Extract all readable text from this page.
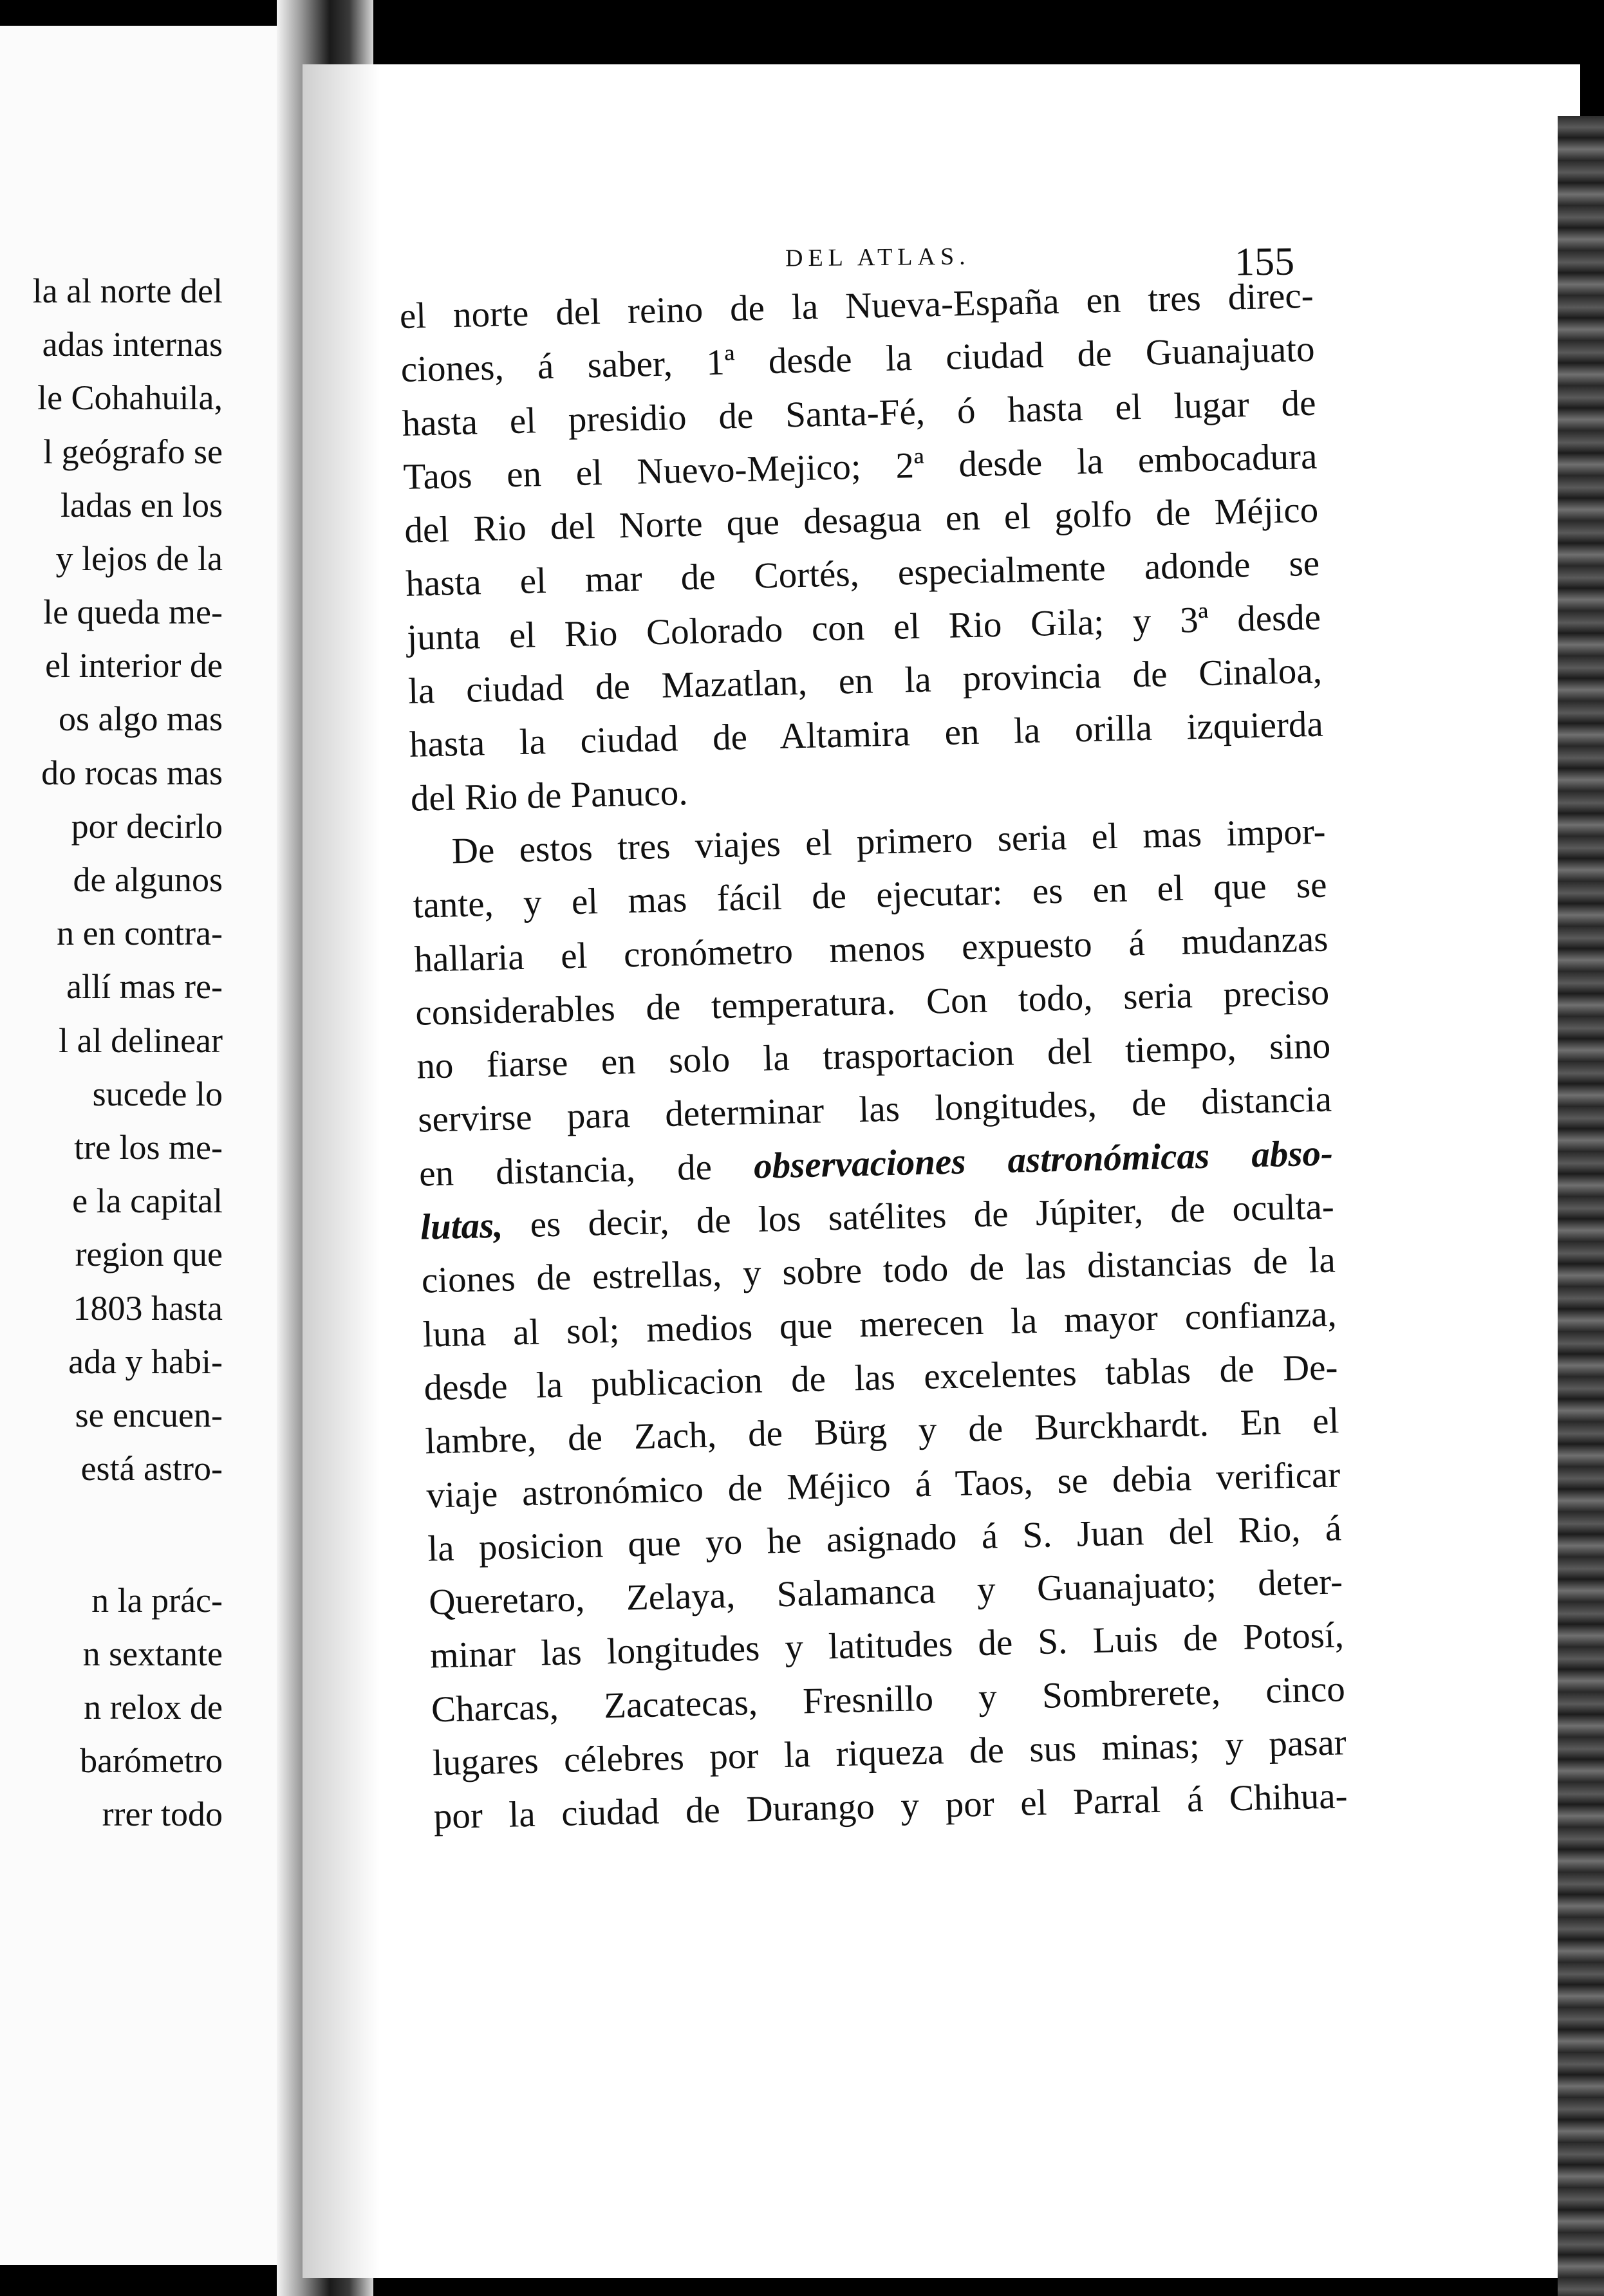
la al norte del
adas internas
le Cohahuila,
l geógrafo se
ladas en los
y lejos de la
le queda me-
el interior de
os algo mas
do rocas mas
por decirlo
de algunos
n en contra-
allí mas re-
l al delinear
sucede lo
tre los me-
e la capital
region que
1803 hasta
ada y habi-
se encuen-
está astro-
n la prác-
n sextante
n relox de
barómetro
rrer todo
DEL ATLAS.	155
el norte del reino de la Nueva-España en tres direc-
ciones, á saber, 1ª desde la ciudad de Guanajuato
hasta el presidio de Santa-Fé, ó hasta el lugar de
Taos en el Nuevo-Mejico; 2ª desde la embocadura
del Rio del Norte que desagua en el golfo de Méjico
hasta el mar de Cortés, especialmente adonde se
junta el Rio Colorado con el Rio Gila; y 3ª desde
la ciudad de Mazatlan, en la provincia de Cinaloa,
hasta la ciudad de Altamira en la orilla izquierda
del Rio de Panuco.
De estos tres viajes el primero seria el mas impor-
tante, y el mas fácil de ejecutar: es en el que se
hallaria el cronómetro menos expuesto á mudanzas
considerables de temperatura. Con todo, seria preciso
no fiarse en solo la trasportacion del tiempo, sino
servirse para determinar las longitudes, de distancia
en distancia, de observaciones astronómicas abso-
lutas, es decir, de los satélites de Júpiter, de oculta-
ciones de estrellas, y sobre todo de las distancias de la
luna al sol; medios que merecen la mayor confianza,
desde la publicacion de las excelentes tablas de De-
lambre, de Zach, de Bürg y de Burckhardt. En el
viaje astronómico de Méjico á Taos, se debia verificar
la posicion que yo he asignado á S. Juan del Rio, á
Queretaro, Zelaya, Salamanca y Guanajuato; deter-
minar las longitudes y latitudes de S. Luis de Potosí,
Charcas, Zacatecas, Fresnillo y Sombrerete, cinco
lugares célebres por la riqueza de sus minas; y pasar
por la ciudad de Durango y por el Parral á Chihua-
